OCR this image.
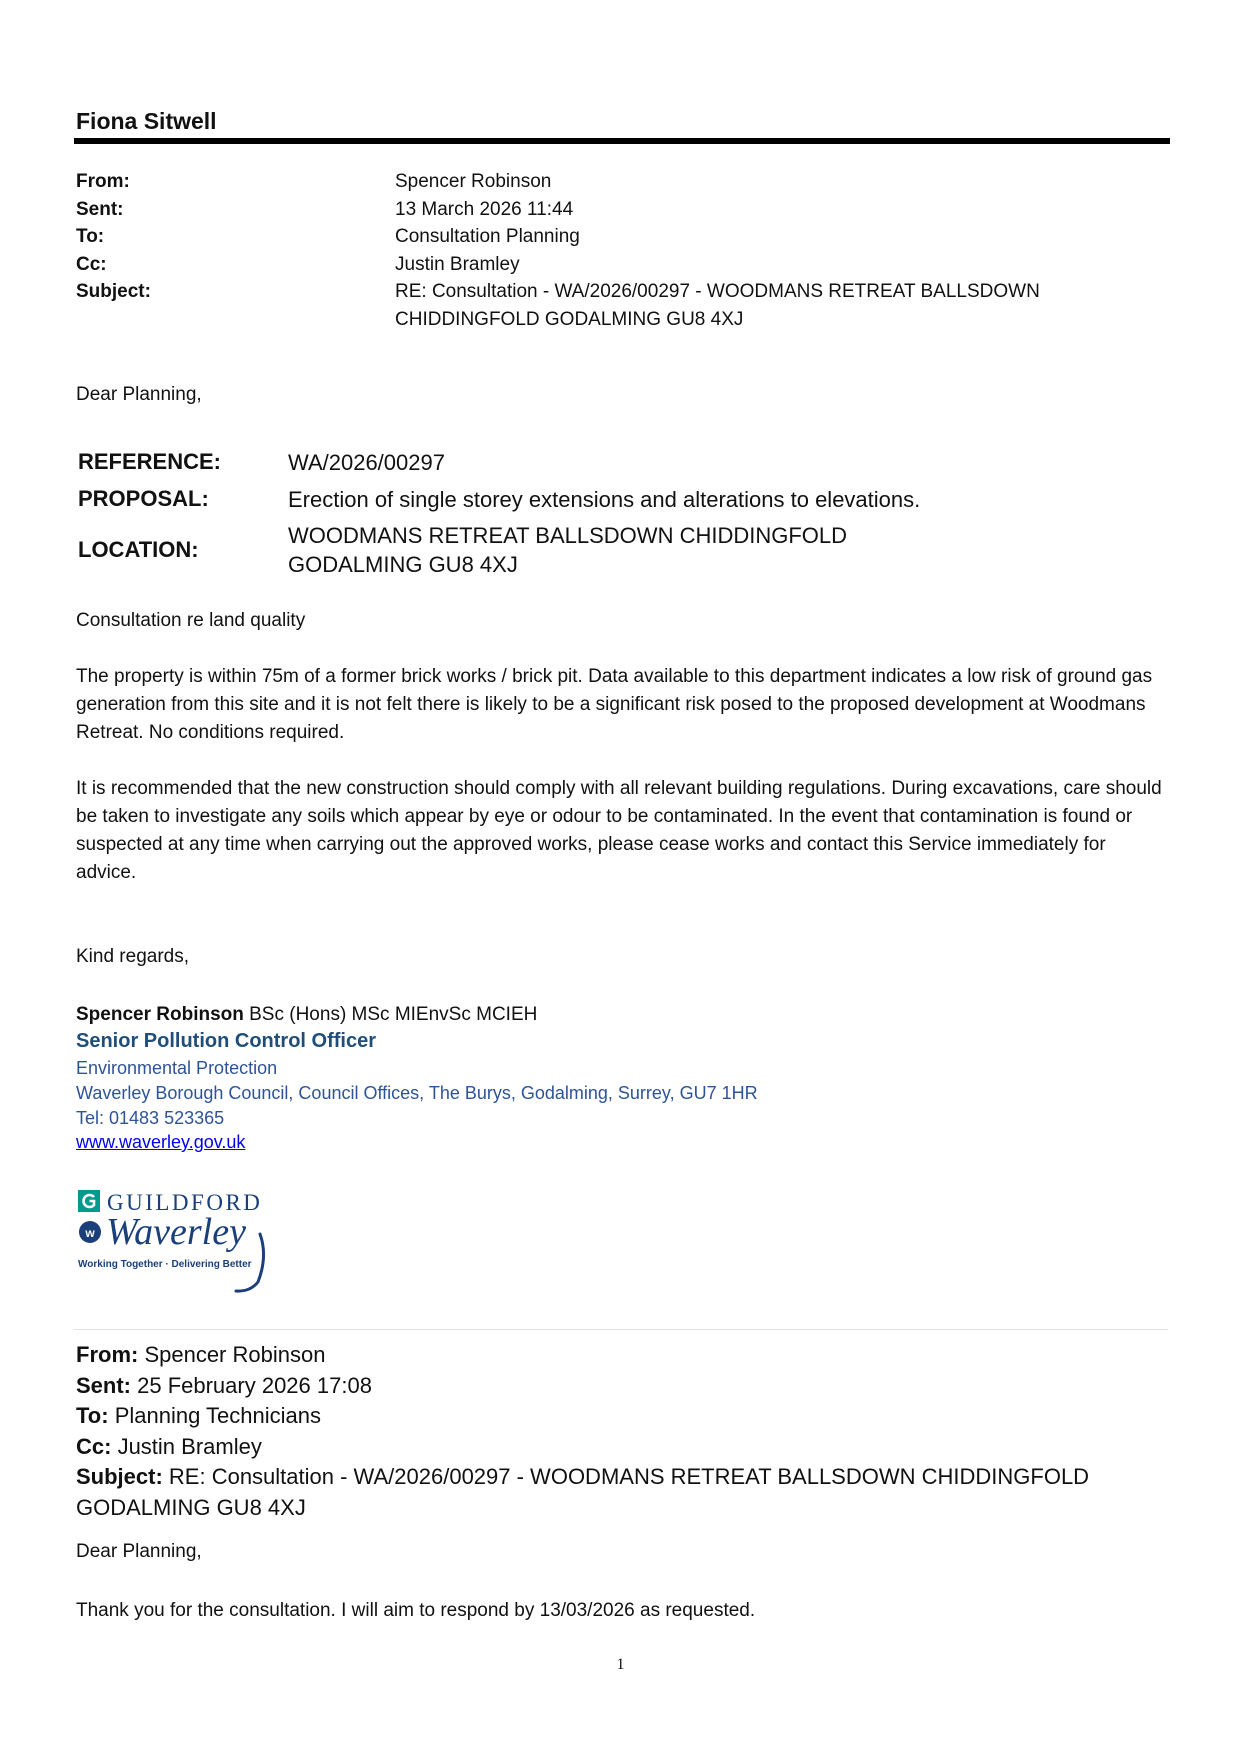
Fiona Sitwell
From:	Spencer Robinson
Sent:	13 March 2026 11:44
To:	Consultation Planning
Cc:	Justin Bramley
Subject:	RE: Consultation - WA/2026/00297 - WOODMANS RETREAT BALLSDOWN CHIDDINGFOLD GODALMING GU8 4XJ
Dear Planning,
REFERENCE:	WA/2026/00297
PROPOSAL:	Erection of single storey extensions and alterations to elevations.
LOCATION:	WOODMANS RETREAT BALLSDOWN CHIDDINGFOLD GODALMING GU8 4XJ

Consultation re land quality

The property is within 75m of a former brick works / brick pit. Data available to this department indicates a low risk of ground gas generation from this site and it is not felt there is likely to be a significant risk posed to the proposed development at Woodmans Retreat. No conditions required.

It is recommended that the new construction should comply with all relevant building regulations. During excavations, care should be taken to investigate any soils which appear by eye or odour to be contaminated. In the event that contamination is found or suspected at any time when carrying out the approved works, please cease works and contact this Service immediately for advice.

Kind regards,

Spencer Robinson BSc (Hons) MSc MIEnvSc MCIEH
Senior Pollution Control Officer
Environmental Protection
Waverley Borough Council, Council Offices, The Burys, Godalming, Surrey, GU7 1HR
Tel: 01483 523365
www.waverley.gov.uk
GUILDFORD
w Waverley
Working Together · Delivering Better
From: Spencer Robinson
Sent: 25 February 2026 17:08
To: Planning Technicians
Cc: Justin Bramley
Subject: RE: Consultation - WA/2026/00297 - WOODMANS RETREAT BALLSDOWN CHIDDINGFOLD GODALMING GU8 4XJ
Dear Planning,

Thank you for the consultation. I will aim to respond by 13/03/2026 as requested.

1
